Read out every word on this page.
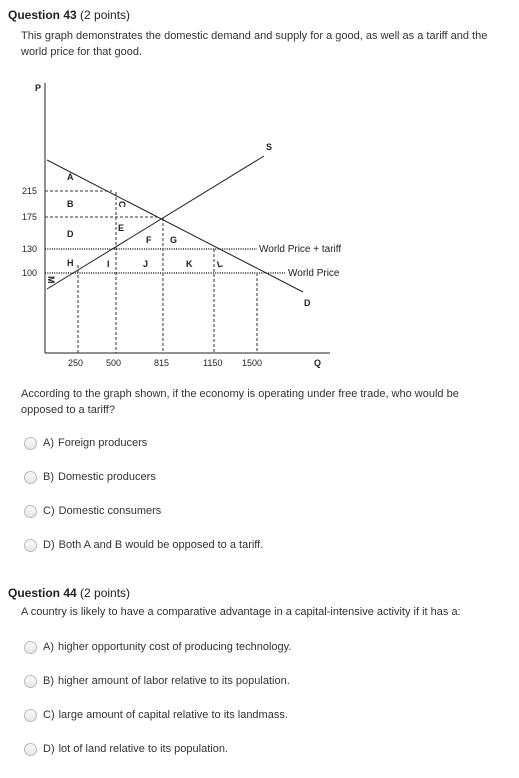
Question 43 (2 points)
This graph demonstrates the domestic demand and supply for a good, as well as a tariff and the world price for that good.
P
Q
215
175
130
100
250	500	815	1150 1500
S
D
World Price + tariff
World Price
A
B	C
D
E
F G
H	I	J	K	L
M
According to the graph shown, if the economy is operating under free trade, who would be opposed to a tariff?
A) Foreign producers
B) Domestic producers
C) Domestic consumers
D) Both A and B would be opposed to a tariff.
Question 44 (2 points)
A country is likely to have a comparative advantage in a capital-intensive activity if it has a:
A) higher opportunity cost of producing technology.
B) higher amount of labor relative to its population.
C) large amount of capital relative to its landmass.
D) lot of land relative to its population.
